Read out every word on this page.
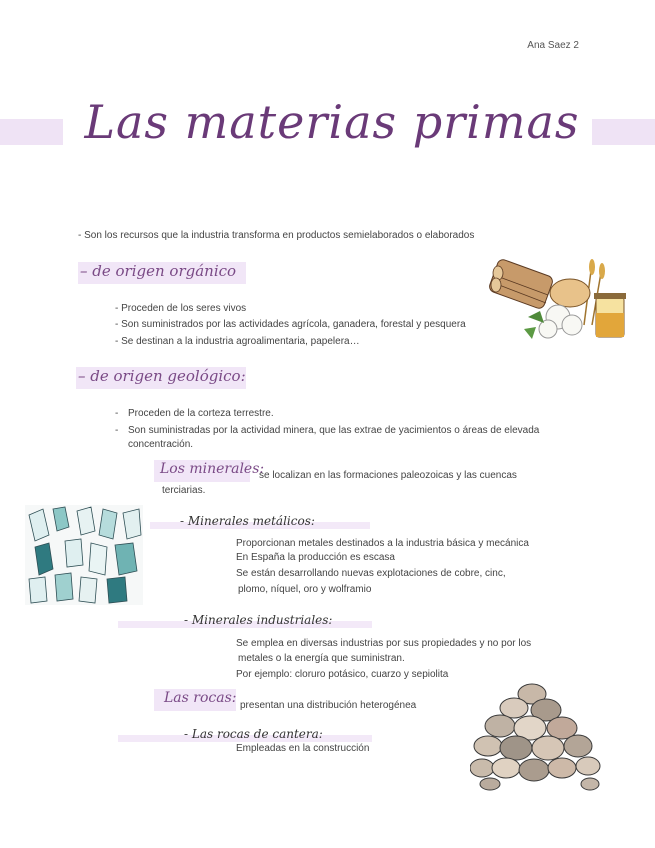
Ana Saez 2
Las materias primas
- Son los recursos que la industria transforma en productos semielaborados o elaborados
– de origen orgánico
- Proceden de los seres vivos
- Son suministrados por las actividades agrícola, ganadera, forestal y pesquera
- Se destinan a la industria agroalimentaria, papelera…
– de origen geológico:
- Proceden de la corteza terrestre.
- Son suministradas por la actividad minera, que las extrae de yacimientos o áreas de elevada
concentración.
Los minerales:
se localizan en las formaciones paleozoicas y las cuencas
terciarias.
- Minerales metálicos:
Proporcionan metales destinados a la industria básica y mecánica
En España la producción es escasa
Se están desarrollando nuevas explotaciones de cobre, cinc,
plomo, níquel, oro y wolframio
- Minerales industriales:
Se emplea en diversas industrias por sus propiedades y no por los
metales o la energía que suministran.
Por ejemplo: cloruro potásico, cuarzo y sepiolita
Las rocas: presentan una distribución heterogénea
- Las rocas de cantera:
Empleadas en la construcción
